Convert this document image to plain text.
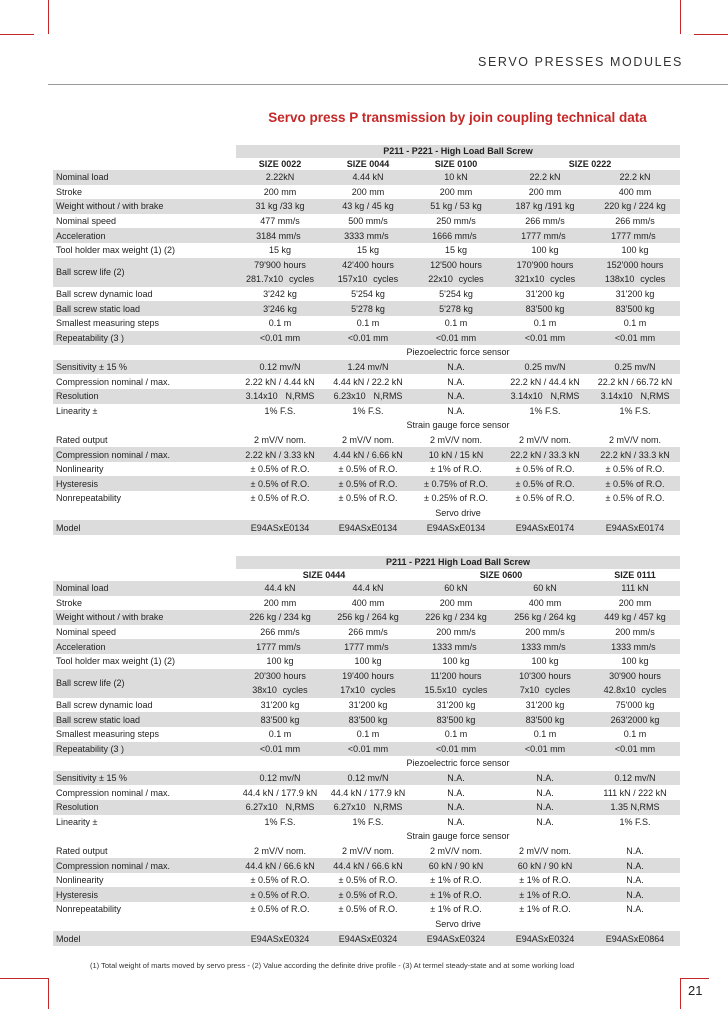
SERVO PRESSES MODULES
Servo press P transmission by join coupling technical data
	P211 - P221 - High Load Ball Screw				
	SIZE 0022	SIZE 0044	SIZE 0100	SIZE 0222	
Nominal load	2.22kN	4.44 kN	10 kN	22.2 kN	22.2 kN
Stroke	200 mm	200 mm	200 mm	200 mm	400 mm
Weight without / with brake	31 kg /33 kg	43 kg / 45 kg	51 kg / 53 kg	187 kg /191 kg	220 kg / 224 kg
Nominal speed	477 mm/s	500 mm/s	250 mm/s	266 mm/s	266 mm/s
Acceleration	3184 mm/s	3333 mm/s	1666 mm/s	1777 mm/s	1777 mm/s
Tool holder max weight (1) (2)	15 kg	15 kg	15 kg	100 kg	100 kg
Ball screw life (2)	79'900 hours	42'400 hours	12'500 hours	170'900 hours	152'000 hours
	281.7x10 cycles	157x10 cycles	22x10 cycles	321x10 cycles	138x10 cycles
Ball screw dynamic load	3'242 kg	5'254 kg	5'254 kg	31'200 kg	31'200 kg
Ball screw static load	3'246 kg	5'278 kg	5'278 kg	83'500 kg	83'500 kg
Smallest measuring steps	0.1 m	0.1 m	0.1 m	0.1 m	0.1 m
Repeatability (3 )	<0.01 mm	<0.01 mm	<0.01 mm	<0.01 mm	<0.01 mm
	Piezoelectric force sensor				
Sensitivity ± 15 %	0.12 mv/N	1.24 mv/N	N.A.	0.25 mv/N	0.25 mv/N
Compression nominal / max.	2.22 kN / 4.44 kN	4.44 kN / 22.2 kN	N.A.	22.2 kN / 44.4 kN	22.2 kN / 66.72 kN
Resolution	3.14x10 N,RMS	6.23x10 N,RMS	N.A.	3.14x10 N,RMS	3.14x10 N,RMS
Linearity ±	1% F.S.	1% F.S.	N.A.	1% F.S.	1% F.S.
	Strain gauge force sensor				
Rated output	2 mV/V nom.	2 mV/V nom.	2 mV/V nom.	2 mV/V nom.	2 mV/V nom.
Compression nominal / max.	2.22 kN / 3.33 kN	4.44 kN / 6.66 kN	10 kN / 15 kN	22.2 kN / 33.3 kN	22.2 kN / 33.3 kN
Nonlinearity	± 0.5% of R.O.	± 0.5% of R.O.	± 1% of R.O.	± 0.5% of R.O.	± 0.5% of R.O.
Hysteresis	± 0.5% of R.O.	± 0.5% of R.O.	± 0.75% of R.O.	± 0.5% of R.O.	± 0.5% of R.O.
Nonrepeatability	± 0.5% of R.O.	± 0.5% of R.O.	± 0.25% of R.O.	± 0.5% of R.O.	± 0.5% of R.O.
	Servo drive				
Model	E94ASxE0134	E94ASxE0134	E94ASxE0134	E94ASxE0174	E94ASxE0174
	P211 - P221 High Load Ball Screw				
	SIZE 0444		SIZE 0600		SIZE 0111
Nominal load	44.4 kN	44.4 kN	60 kN	60 kN	111 kN
Stroke	200 mm	400 mm	200 mm	400 mm	200 mm
Weight without / with brake	226 kg / 234 kg	256 kg / 264 kg	226 kg / 234 kg	256 kg / 264 kg	449 kg / 457 kg
Nominal speed	266 mm/s	266 mm/s	200 mm/s	200 mm/s	200 mm/s
Acceleration	1777 mm/s	1777 mm/s	1333 mm/s	1333 mm/s	1333 mm/s
Tool holder max weight (1) (2)	100 kg	100 kg	100 kg	100 kg	100 kg
Ball screw life (2)	20'300 hours	19'400 hours	11'200 hours	10'300 hours	30'900 hours
	38x10 cycles	17x10 cycles	15.5x10 cycles	7x10 cycles	42.8x10 cycles
Ball screw dynamic load	31'200 kg	31'200 kg	31'200 kg	31'200 kg	75'000 kg
Ball screw static load	83'500 kg	83'500 kg	83'500 kg	83'500 kg	263'2000 kg
Smallest measuring steps	0.1 m	0.1 m	0.1 m	0.1 m	0.1 m
Repeatability (3 )	<0.01 mm	<0.01 mm	<0.01 mm	<0.01 mm	<0.01 mm
	Piezoelectric force sensor				
Sensitivity ± 15 %	0.12 mv/N	0.12 mv/N	N.A.	N.A.	0.12 mv/N
Compression nominal / max.	44.4 kN / 177.9 kN	44.4 kN / 177.9 kN	N.A.	N.A.	111 kN / 222 kN
Resolution	6.27x10 N,RMS	6.27x10 N,RMS	N.A.	N.A.	1.35 N,RMS
Linearity ±	1% F.S.	1% F.S.	N.A.	N.A.	1% F.S.
	Strain gauge force sensor				
Rated output	2 mV/V nom.	2 mV/V nom.	2 mV/V nom.	2 mV/V nom.	N.A.
Compression nominal / max.	44.4 kN / 66.6 kN	44.4 kN / 66.6 kN	60 kN / 90 kN	60 kN / 90 kN	N.A.
Nonlinearity	± 0.5% of R.O.	± 0.5% of R.O.	± 1% of R.O.	± 1% of R.O.	N.A.
Hysteresis	± 0.5% of R.O.	± 0.5% of R.O.	± 1% of R.O.	± 1% of R.O.	N.A.
Nonrepeatability	± 0.5% of R.O.	± 0.5% of R.O.	± 1% of R.O.	± 1% of R.O.	N.A.
	Servo drive				
Model	E94ASxE0324	E94ASxE0324	E94ASxE0324	E94ASxE0324	E94ASxE0864
(1) Total weight of marts moved by servo press - (2) Value according the definite drive profile - (3) At termel steady-state and at some working load
21
